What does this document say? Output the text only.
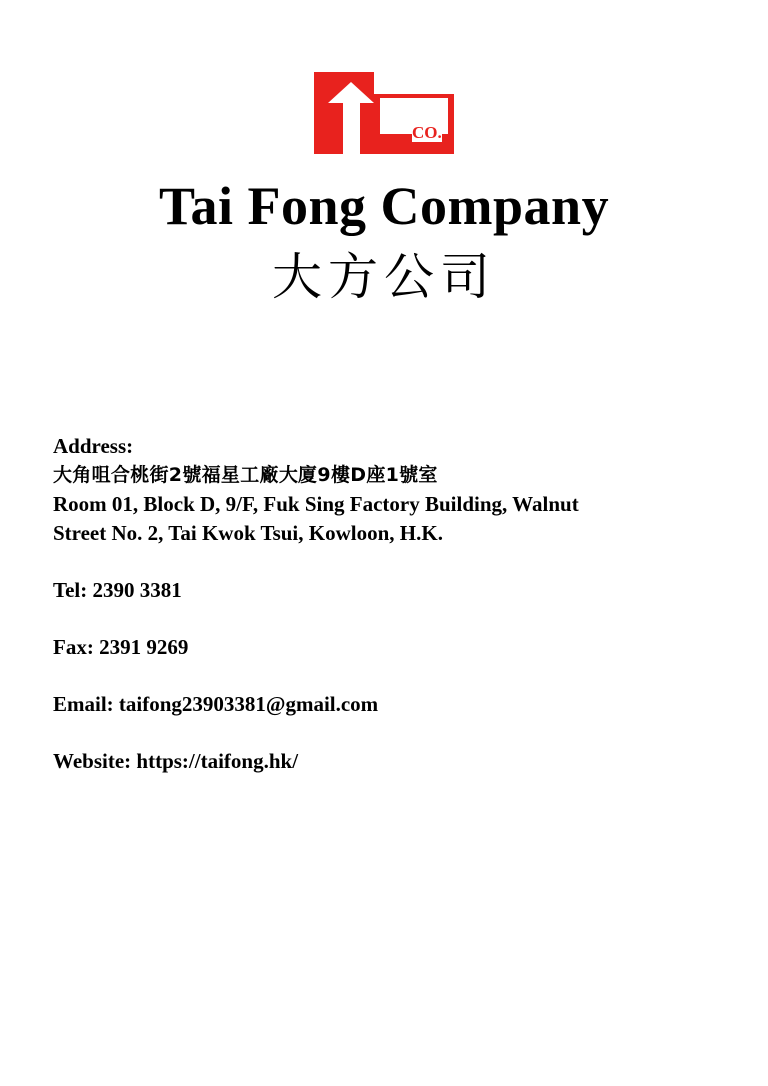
CO.
Tai Fong Company
大方公司
Address:
大角咀合桃街2號福星工廠大廈9樓D座1號室
Room 01, Block D, 9/F, Fuk Sing Factory Building, Walnut
Street No. 2, Tai Kwok Tsui, Kowloon, H.K.
Tel: 2390 3381
Fax: 2391 9269
Email: taifong23903381@gmail.com
Website: https://taifong.hk/
